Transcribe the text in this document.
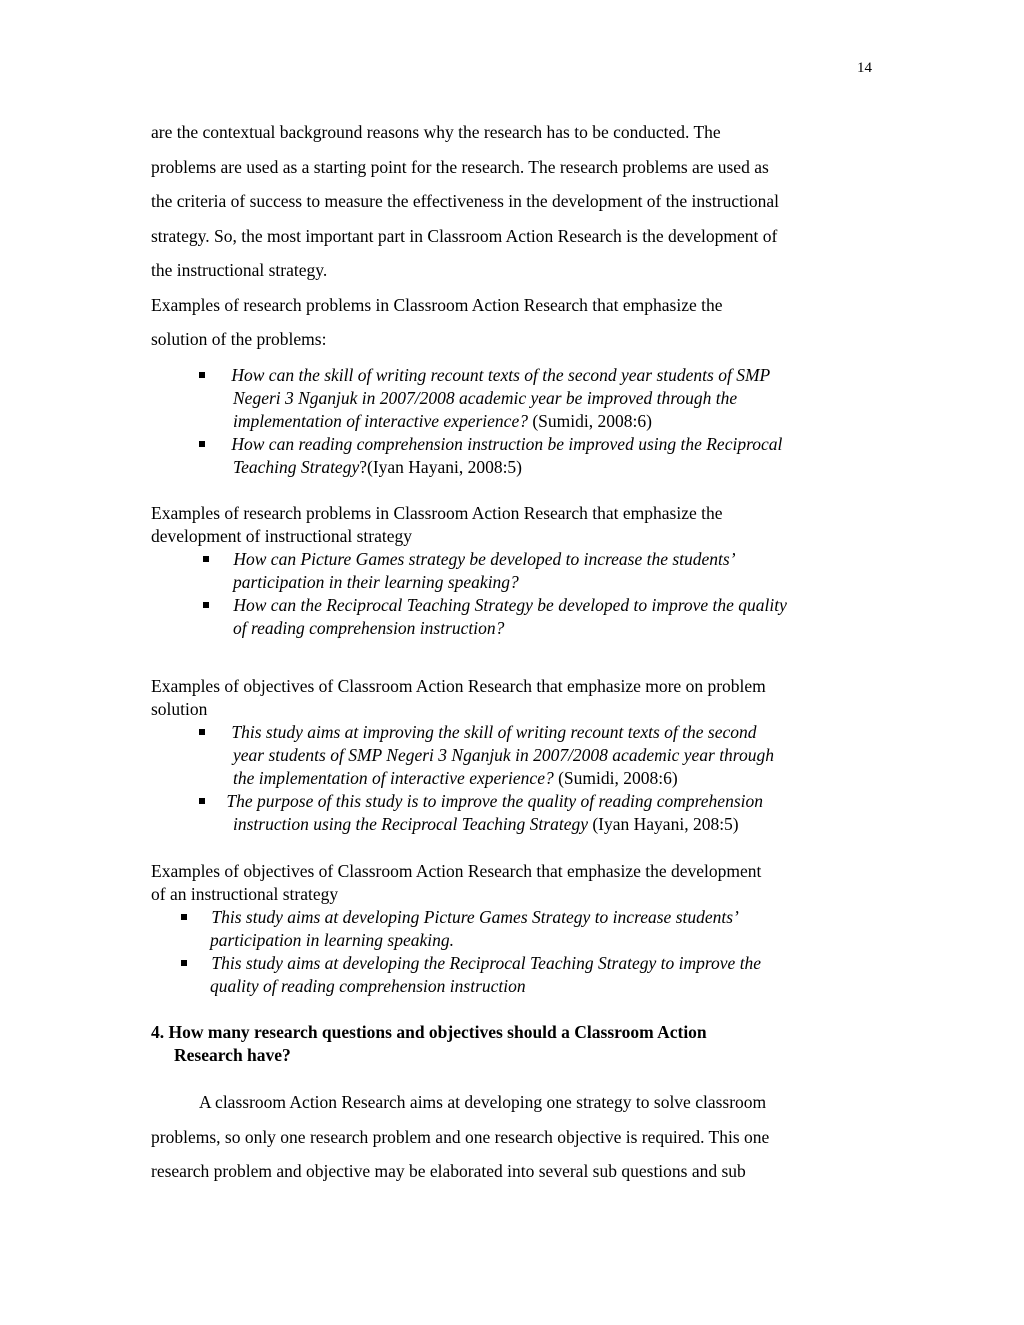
14
are the contextual background reasons why the research has to be conducted. The
problems are used as a starting point for the research. The research problems are used as
the criteria of success to measure the effectiveness in the development of the instructional
strategy. So, the most important part in Classroom Action Research is the development of
the instructional strategy.
Examples of research problems in Classroom Action Research that emphasize the
solution of the problems:
How can the skill of writing recount texts of the second year students of SMP
Negeri 3 Nganjuk in 2007/2008 academic year be improved through the
implementation of interactive experience? (Sumidi, 2008:6)
How can reading comprehension instruction be improved using the Reciprocal
Teaching Strategy?(Iyan Hayani, 2008:5)
Examples of research problems in Classroom Action Research that emphasize the
development of instructional strategy
How can Picture Games strategy be developed to increase the students’
participation in their learning speaking?
How can the Reciprocal Teaching Strategy be developed to improve the quality
of reading comprehension instruction?
Examples of objectives of Classroom Action Research that emphasize more on problem
solution
This study aims at improving the skill of writing recount texts of the second
year students of SMP Negeri 3 Nganjuk in 2007/2008 academic year through
the implementation of interactive experience? (Sumidi, 2008:6)
The purpose of this study is to improve the quality of reading comprehension
instruction using the Reciprocal Teaching Strategy (Iyan Hayani, 208:5)
Examples of objectives of Classroom Action Research that emphasize the development
of an instructional strategy
This study aims at developing Picture Games Strategy to increase students’
participation in learning speaking.
This study aims at developing the Reciprocal Teaching Strategy to improve the
quality of reading comprehension instruction
4. How many research questions and objectives should a Classroom Action
Research have?
A classroom Action Research aims at developing one strategy to solve classroom
problems, so only one research problem and one research objective is required. This one
research problem and objective may be elaborated into several sub questions and sub
